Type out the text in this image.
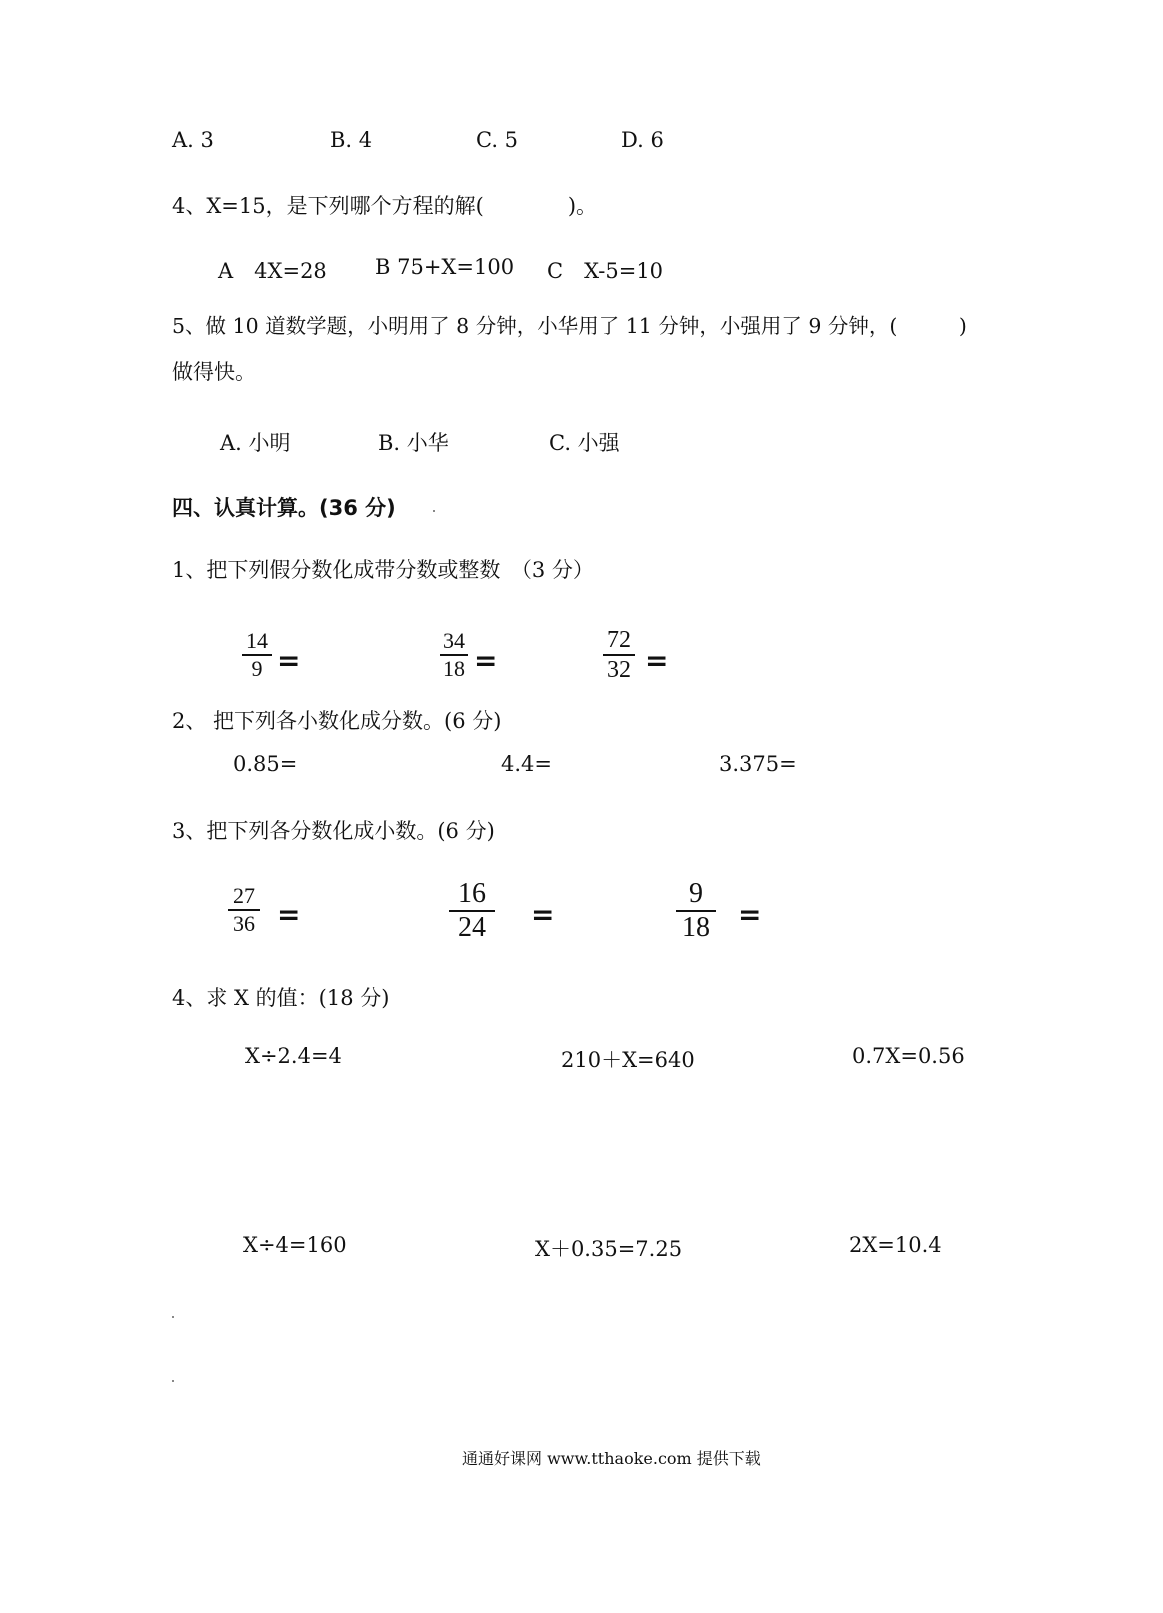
A. 3	B. 4	C. 5	D. 6
4、X=15，是下列哪个方程的解(　　　　)。
A　4X=28 B 75+X=100 C　X-5=10
5、做 10 道数学题，小明用了 8 分钟，小华用了 11 分钟，小强用了 9 分钟，(　　　)
做得快。
A. 小明	B. 小华	C. 小强
四、认真计算。(36 分)
1、把下列假分数化成带分数或整数　（3 分）
14
9 =
34
18 =
72
32 =
2、 把下列各小数化成分数。(6 分)
0.85=	4.4=	3.375=
3、把下列各分数化成小数。(6 分)
27
36 =
16
24	=
9
18 =
4、求 X 的值：(18 分)
X÷2.4=4	210＋X=640	0.7X=0.56
X÷4=160	X＋0.35=7.25	2X=10.4
通通好课网 www.tthaoke.com 提供下载
